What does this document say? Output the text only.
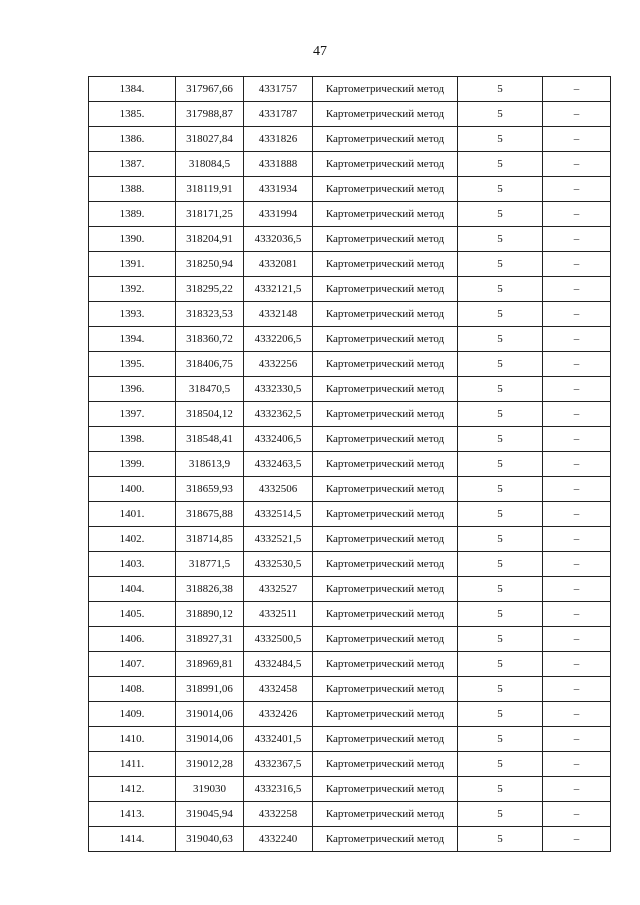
47
1384.	317967,66	4331757	Картометрический метод	5	–
1385.	317988,87	4331787	Картометрический метод	5	–
1386.	318027,84	4331826	Картометрический метод	5	–
1387.	318084,5	4331888	Картометрический метод	5	–
1388.	318119,91	4331934	Картометрический метод	5	–
1389.	318171,25	4331994	Картометрический метод	5	–
1390.	318204,91	4332036,5	Картометрический метод	5	–
1391.	318250,94	4332081	Картометрический метод	5	–
1392.	318295,22	4332121,5	Картометрический метод	5	–
1393.	318323,53	4332148	Картометрический метод	5	–
1394.	318360,72	4332206,5	Картометрический метод	5	–
1395.	318406,75	4332256	Картометрический метод	5	–
1396.	318470,5	4332330,5	Картометрический метод	5	–
1397.	318504,12	4332362,5	Картометрический метод	5	–
1398.	318548,41	4332406,5	Картометрический метод	5	–
1399.	318613,9	4332463,5	Картометрический метод	5	–
1400.	318659,93	4332506	Картометрический метод	5	–
1401.	318675,88	4332514,5	Картометрический метод	5	–
1402.	318714,85	4332521,5	Картометрический метод	5	–
1403.	318771,5	4332530,5	Картометрический метод	5	–
1404.	318826,38	4332527	Картометрический метод	5	–
1405.	318890,12	4332511	Картометрический метод	5	–
1406.	318927,31	4332500,5	Картометрический метод	5	–
1407.	318969,81	4332484,5	Картометрический метод	5	–
1408.	318991,06	4332458	Картометрический метод	5	–
1409.	319014,06	4332426	Картометрический метод	5	–
1410.	319014,06	4332401,5	Картометрический метод	5	–
1411.	319012,28	4332367,5	Картометрический метод	5	–
1412.	319030	4332316,5	Картометрический метод	5	–
1413.	319045,94	4332258	Картометрический метод	5	–
1414.	319040,63	4332240	Картометрический метод	5	–
